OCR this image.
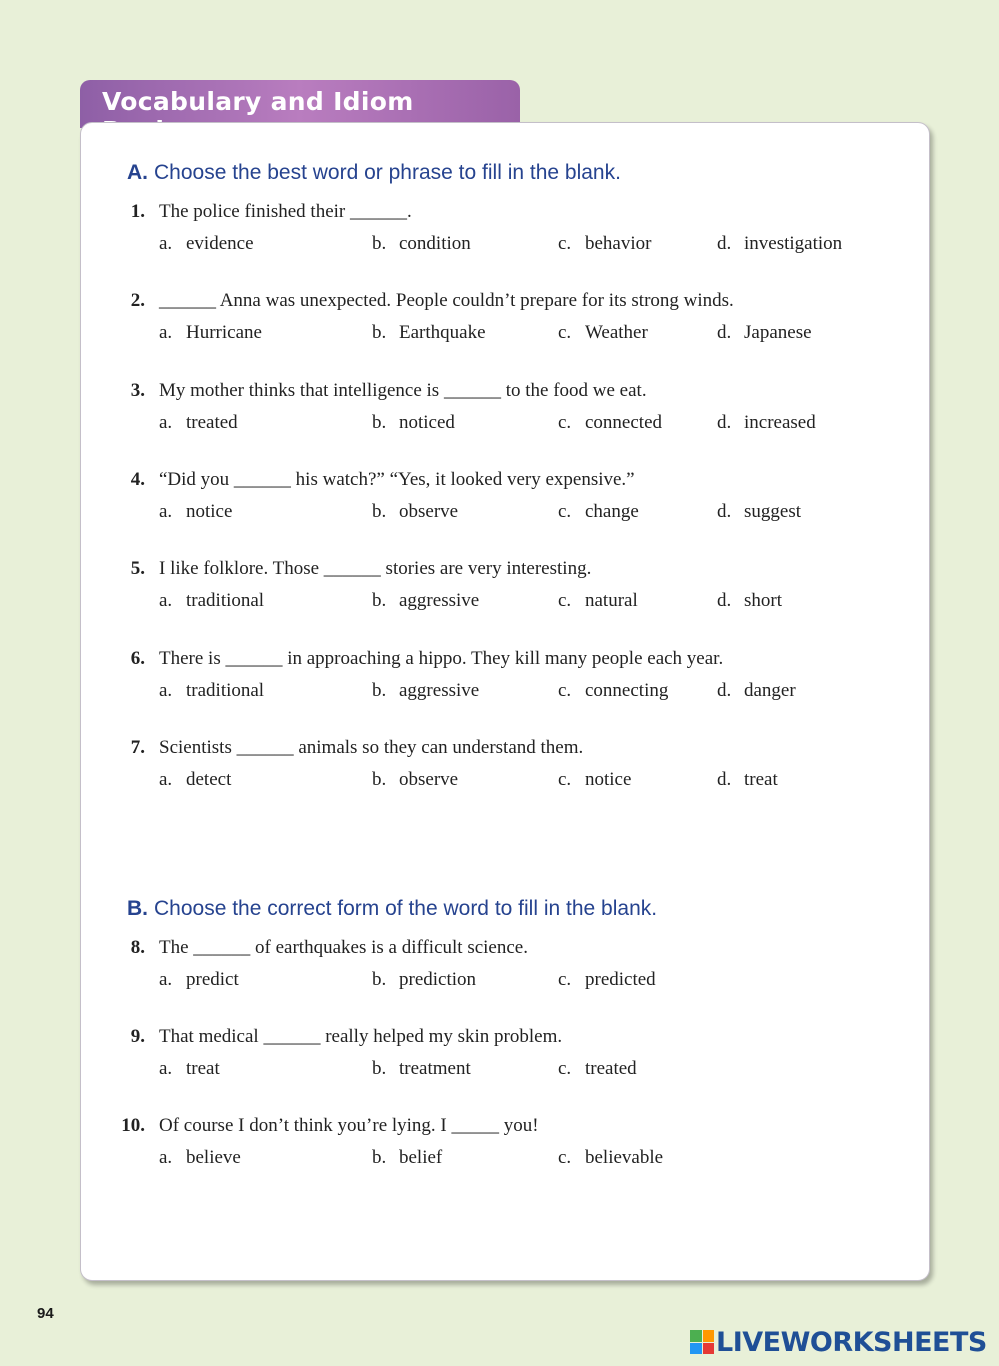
Vocabulary and Idiom
A. Choose the best word or phrase to fill in the blank.
1. The police finished their ______.
a. evidence	b. condition	c. behavior	d. investigation
2. ______ Anna was unexpected. People couldn’t prepare for its strong winds.
a. Hurricane	b. Earthquake	c. Weather	d. Japanese
3. My mother thinks that intelligence is ______ to the food we eat.
a. treated	b. noticed	c. connected	d. increased
4. “Did you ______ his watch?” “Yes, it looked very expensive.”
a. notice	b. observe	c. change	d. suggest
5. I like folklore. Those ______ stories are very interesting.
a. traditional	b. aggressive	c. natural	d. short
6. There is ______ in approaching a hippo. They kill many people each year.
a. traditional	b. aggressive	c. connecting	d. danger
7. Scientists ______ animals so they can understand them.
a. detect	b. observe	c. notice	d. treat
B. Choose the correct form of the word to fill in the blank.
8. The ______ of earthquakes is a difficult science.
a. predict	b. prediction	c. predicted
9. That medical ______ really helped my skin problem.
a. treat	b. treatment	c. treated
10. Of course I don’t think you’re lying. I _____ you!
a. believe	b. belief	c. believable
94
LIVEWORKSHEETS
